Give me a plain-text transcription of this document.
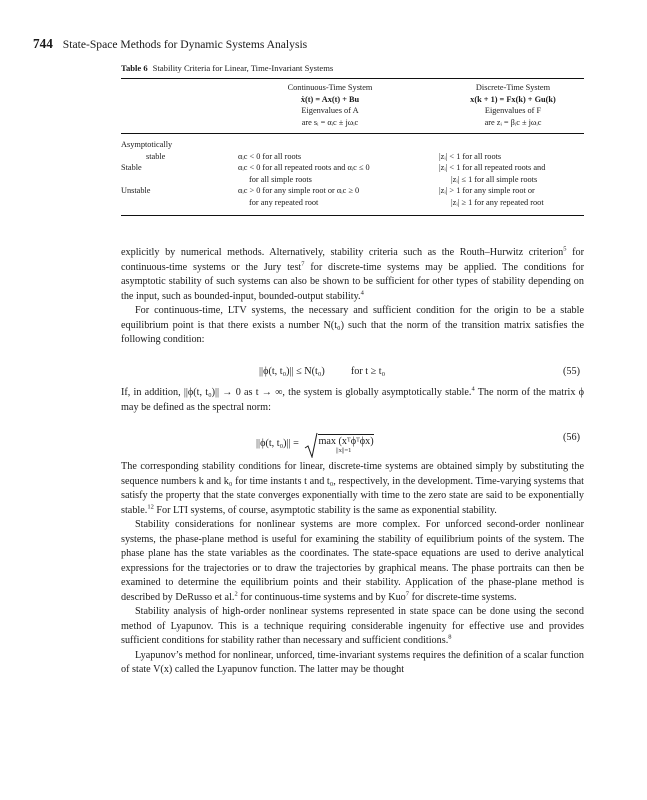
744 State-Space Methods for Dynamic Systems Analysis
Table 6 Stability Criteria for Linear, Time-Invariant Systems
Continuous-Time System
ẋ(t) = Ax(t) + Bu
Eigenvalues of A
are sᵢ = αᵢc ± jωᵢc
Discrete-Time System
x(k + 1) = Fx(k) + Gu(k)
Eigenvalues of F
are zᵢ = βᵢc ± jωᵢc
Asymptotically
stable
Stable

Unstable

αᵢc < 0 for all roots
αᵢc < 0 for all repeated roots and αᵢc ≤ 0
for all simple roots
αᵢc > 0 for any simple root or αᵢc ≥ 0
for any repeated root

|zᵢ| < 1 for all roots
|zᵢ| < 1 for all repeated roots and
|zᵢ| ≤ 1 for all simple roots
|zᵢ| > 1 for any simple root or
|zᵢ| ≥ 1 for any repeated root

explicitly by numerical methods. Alternatively, stability criteria such as the Routh–Hurwitz criterion$^5$ for continuous-time systems or the Jury test$^7$ for discrete-time systems may be applied. The conditions for asymptotic stability of such systems can also be shown to be sufficient for other types of stability depending on the input, such as bounded-input, bounded-output stability.$^4$

For continuous-time, LTV systems, the necessary and sufficient condition for the origin to be a stable equilibrium point is that there exists a number N(t₀) such that the norm of the transition matrix satisfies the following condition:

||ϕ(t, t₀)|| ≤ N(t₀)	for t ≥ t₀	(55)

If, in addition, ||ϕ(t, t₀)|| → 0 as t → ∞, the system is globally asymptotically stable.$^4$ The norm of the matrix ϕ may be defined as the spectral norm:

||ϕ(t, t₀)|| = max (xᵀϕᵀϕx)
||x||=1
(56)

The corresponding stability conditions for linear, discrete-time systems are obtained simply by substituting the sequence numbers k and k₀ for time instants t and t₀, respectively, in the development. Time-varying systems that satisfy the property that the state converges exponentially with time to the zero state are said to be exponentially stable.$^{12}$ For LTI systems, of course, asymptotic stability is the same as exponential stability.

Stability considerations for nonlinear systems are more complex. For unforced second-order nonlinear systems, the phase-plane method is useful for examining the stability of equilibrium points of the system. The phase plane has the state variables as the coordinates. The state-space equations are used to derive analytical expressions for the trajectories or to draw the trajectories by graphical means. The phase portraits can then be examined to determine the equilibrium points and their stability. Application of the phase-plane method is described by DeRusso et al.$^2$ for continuous-time systems and by Kuo$^7$ for discrete-time systems.

Stability analysis of high-order nonlinear systems represented in state space can be done using the second method of Lyapunov. This is a technique requiring considerable ingenuity for effective use and provides sufficient conditions for stability rather than necessary and sufficient conditions.$^8$

Lyapunov’s method for nonlinear, unforced, time-invariant systems requires the definition of a scalar function of state V(x) called the Lyapunov function. The latter may be thought
